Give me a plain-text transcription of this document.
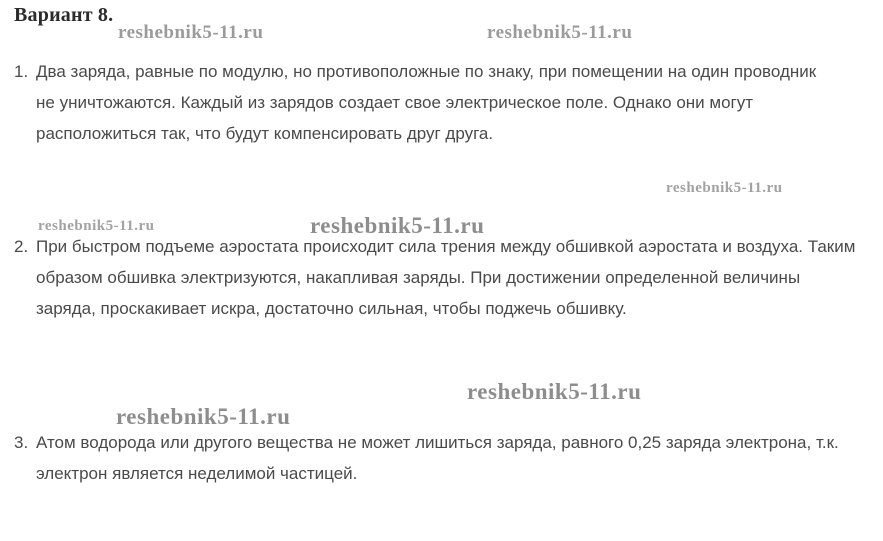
Вариант 8.
1. Два заряда, равные по модулю, но противоположные по знаку, при помещении на один проводник не уничтожаются. Каждый из зарядов создает свое электрическое поле. Однако они могут расположиться так, что будут компенсировать друг друга.
2. При быстром подъеме аэростата происходит сила трения между обшивкой аэростата и воздуха. Таким образом обшивка электризуются, накапливая заряды. При достижении определенной величины заряда, проскакивает искра, достаточно сильная, чтобы поджечь обшивку.
3. Атом водорода или другого вещества не может лишиться заряда, равного 0,25 заряда электрона, т.к. электрон является неделимой частицей.
reshebnik5-11.ru	reshebnik5-11.ru
reshebnik5-11.ru
reshebnik5-11.ru	reshebnik5-11.ru
reshebnik5-11.ru
reshebnik5-11.ru
